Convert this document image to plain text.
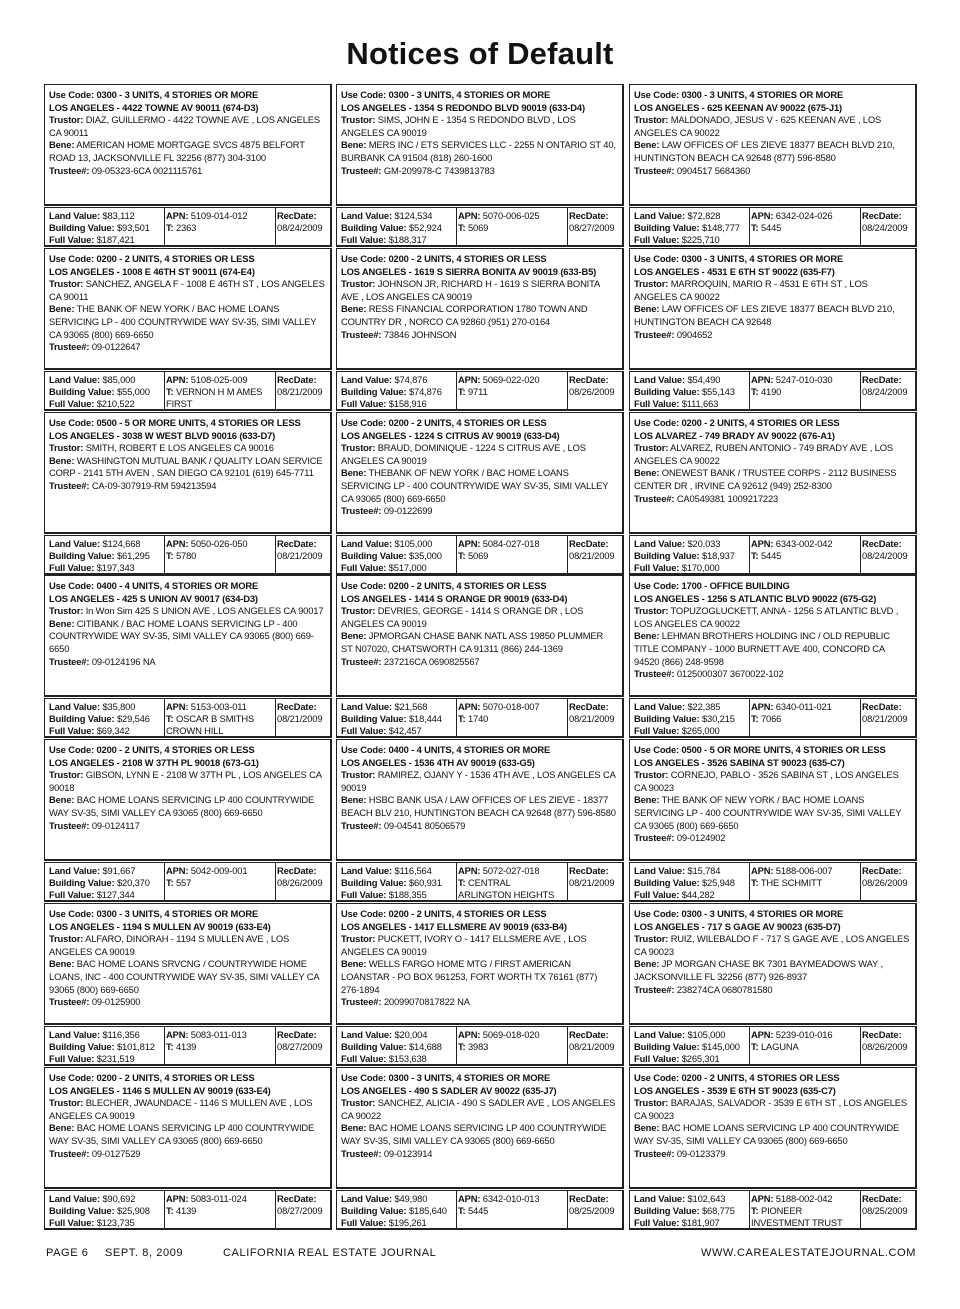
Notices of Default
Use Code: 0300 - 3 UNITS, 4 STORIES OR MORE
LOS ANGELES - 4422 TOWNE AV 90011 (674-D3)
Trustor: DIAZ, GUILLERMO - 4422 TOWNE AVE , LOS ANGELES CA 90011
Bene: AMERICAN HOME MORTGAGE SVCS 4875 BELFORT ROAD 13, JACKSONVILLE FL 32256 (877) 304-3100
Trustee#: 09-05323-6CA 0021115761
Land Value: $83,112
Building Value: $93,501
Full Value: $187,421
APN: 5109-014-012
T: 2363
RecDate:
08/24/2009
Use Code: 0200 - 2 UNITS, 4 STORIES OR LESS
LOS ANGELES - 1008 E 46TH ST 90011 (674-E4)
Trustor: SANCHEZ, ANGELA F - 1008 E 46TH ST , LOS ANGELES CA 90011
Bene: THE BANK OF NEW YORK / BAC HOME LOANS SERVICING LP - 400 COUNTRYWIDE WAY SV-35, SIMI VALLEY CA 93065 (800) 669-6650
Trustee#: 09-0122647
Land Value: $85,000
Building Value: $55,000
Full Value: $210,522
APN: 5108-025-009
T: VERNON H M AMES FIRST
RecDate:
08/21/2009
Use Code: 0500 - 5 OR MORE UNITS, 4 STORIES OR LESS
LOS ANGELES - 3038 W WEST BLVD 90016 (633-D7)
Trustor: SMITH, ROBERT E LOS ANGELES CA 90016
Bene: WASHINGTON MUTUAL BANK / QUALITY LOAN SERVICE CORP - 2141 5TH AVEN , SAN DIEGO CA 92101 (619) 645-7711
Trustee#: CA-09-307919-RM 594213594
Land Value: $124,668
Building Value: $61,295
Full Value: $197,343
APN: 5050-026-050
T: 5780
RecDate:
08/21/2009
Use Code: 0400 - 4 UNITS, 4 STORIES OR MORE
LOS ANGELES - 425 S UNION AV 90017 (634-D3)
Trustor: In Won Sim 425 S UNION AVE , LOS ANGELES CA 90017
Bene: CITIBANK / BAC HOME LOANS SERVICING LP - 400 COUNTRYWIDE WAY SV-35, SIMI VALLEY CA 93065 (800) 669-6650
Trustee#: 09-0124196 NA
Land Value: $35,800
Building Value: $29,546
Full Value: $69,342
APN: 5153-003-011
T: OSCAR B SMITHS CROWN HILL
RecDate:
08/21/2009
Use Code: 0200 - 2 UNITS, 4 STORIES OR LESS
LOS ANGELES - 2108 W 37TH PL 90018 (673-G1)
Trustor: GIBSON, LYNN E - 2108 W 37TH PL , LOS ANGELES CA 90018
Bene: BAC HOME LOANS SERVICING LP 400 COUNTRYWIDE WAY SV-35, SIMI VALLEY CA 93065 (800) 669-6650
Trustee#: 09-0124117
Land Value: $91,667
Building Value: $20,370
Full Value: $127,344
APN: 5042-009-001
T: 557
RecDate:
08/26/2009
Use Code: 0300 - 3 UNITS, 4 STORIES OR MORE
LOS ANGELES - 1194 S MULLEN AV 90019 (633-E4)
Trustor: ALFARO, DINORAH - 1194 S MULLEN AVE , LOS ANGELES CA 90019
Bene: BAC HOME LOANS SRVCNG / COUNTRYWIDE HOME LOANS, INC - 400 COUNTRYWIDE WAY SV-35, SIMI VALLEY CA 93065 (800) 669-6650
Trustee#: 09-0125900
Land Value: $116,356
Building Value: $101,812
Full Value: $231,519
APN: 5083-011-013
T: 4139
RecDate:
08/27/2009
Use Code: 0200 - 2 UNITS, 4 STORIES OR LESS
LOS ANGELES - 1146 S MULLEN AV 90019 (633-E4)
Trustor: BLECHER, JWAUNDACE - 1146 S MULLEN AVE , LOS ANGELES CA 90019
Bene: BAC HOME LOANS SERVICING LP 400 COUNTRYWIDE WAY SV-35, SIMI VALLEY CA 93065 (800) 669-6650
Trustee#: 09-0127529
Land Value: $90,692
Building Value: $25,908
Full Value: $123,735
APN: 5083-011-024
T: 4139
RecDate:
08/27/2009
Use Code: 0300 - 3 UNITS, 4 STORIES OR MORE
LOS ANGELES - 1354 S REDONDO BLVD 90019 (633-D4)
Trustor: SIMS, JOHN E - 1354 S REDONDO BLVD , LOS ANGELES CA 90019
Bene: MERS INC / ETS SERVICES LLC - 2255 N ONTARIO ST 40, BURBANK CA 91504 (818) 260-1600
Trustee#: GM-209978-C 7439813783
Land Value: $124,534
Building Value: $52,924
Full Value: $188,317
APN: 5070-006-025
T: 5069
RecDate:
08/27/2009
Use Code: 0200 - 2 UNITS, 4 STORIES OR LESS
LOS ANGELES - 1619 S SIERRA BONITA AV 90019 (633-B5)
Trustor: JOHNSON JR, RICHARD H - 1619 S SIERRA BONITA AVE , LOS ANGELES CA 90019
Bene: RESS FINANCIAL CORPORATION 1780 TOWN AND COUNTRY DR , NORCO CA 92860 (951) 270-0164
Trustee#: 73846 JOHNSON
Land Value: $74,876
Building Value: $74,876
Full Value: $158,916
APN: 5069-022-020
T: 9711
RecDate:
08/26/2009
Use Code: 0200 - 2 UNITS, 4 STORIES OR LESS
LOS ANGELES - 1224 S CITRUS AV 90019 (633-D4)
Trustor: BRAUD, DOMINIQUE - 1224 S CITRUS AVE , LOS ANGELES CA 90019
Bene: THEBANK OF NEW YORK / BAC HOME LOANS SERVICING LP - 400 COUNTRYWIDE WAY SV-35, SIMI VALLEY CA 93065 (800) 669-6650
Trustee#: 09-0122699
Land Value: $105,000
Building Value: $35,000
Full Value: $517,000
APN: 5084-027-018
T: 5069
RecDate:
08/21/2009
Use Code: 0200 - 2 UNITS, 4 STORIES OR LESS
LOS ANGELES - 1414 S ORANGE DR 90019 (633-D4)
Trustor: DEVRIES, GEORGE - 1414 S ORANGE DR , LOS ANGELES CA 90019
Bene: JPMORGAN CHASE BANK NATL ASS 19850 PLUMMER ST N07020, CHATSWORTH CA 91311 (866) 244-1369
Trustee#: 237216CA 0690825567
Land Value: $21,568
Building Value: $18,444
Full Value: $42,457
APN: 5070-018-007
T: 1740
RecDate:
08/21/2009
Use Code: 0400 - 4 UNITS, 4 STORIES OR MORE
LOS ANGELES - 1536 4TH AV 90019 (633-G5)
Trustor: RAMIREZ, OJANY Y - 1536 4TH AVE , LOS ANGELES CA 90019
Bene: HSBC BANK USA / LAW OFFICES OF LES ZIEVE - 18377 BEACH BLV 210, HUNTINGTON BEACH CA 92648 (877) 596-8580
Trustee#: 09-04541 80506579
Land Value: $116,564
Building Value: $60,931
Full Value: $188,355
APN: 5072-027-018
T: CENTRAL ARLINGTON HEIGHTS
RecDate:
08/21/2009
Use Code: 0200 - 2 UNITS, 4 STORIES OR LESS
LOS ANGELES - 1417 ELLSMERE AV 90019 (633-B4)
Trustor: PUCKETT, IVORY O - 1417 ELLSMERE AVE , LOS ANGELES CA 90019
Bene: WELLS FARGO HOME MTG / FIRST AMERICAN LOANSTAR - PO BOX 961253, FORT WORTH TX 76161 (877) 276-1894
Trustee#: 20099070817822 NA
Land Value: $20,004
Building Value: $14,688
Full Value: $153,638
APN: 5069-018-020
T: 3983
RecDate:
08/21/2009
Use Code: 0300 - 3 UNITS, 4 STORIES OR MORE
LOS ANGELES - 490 S SADLER AV 90022 (635-J7)
Trustor: SANCHEZ, ALICIA - 490 S SADLER AVE , LOS ANGELES CA 90022
Bene: BAC HOME LOANS SERVICING LP 400 COUNTRYWIDE WAY SV-35, SIMI VALLEY CA 93065 (800) 669-6650
Trustee#: 09-0123914
Land Value: $49,980
Building Value: $185,640
Full Value: $195,261
APN: 6342-010-013
T: 5445
RecDate:
08/25/2009
Use Code: 0300 - 3 UNITS, 4 STORIES OR MORE
LOS ANGELES - 625 KEENAN AV 90022 (675-J1)
Trustor: MALDONADO, JESUS V - 625 KEENAN AVE , LOS ANGELES CA 90022
Bene: LAW OFFICES OF LES ZIEVE 18377 BEACH BLVD 210, HUNTINGTON BEACH CA 92648 (877) 596-8580
Trustee#: 0904517 5684360
Land Value: $72,828
Building Value: $148,777
Full Value: $225,710
APN: 6342-024-026
T: 5445
RecDate:
08/24/2009
Use Code: 0300 - 3 UNITS, 4 STORIES OR MORE
LOS ANGELES - 4531 E 6TH ST 90022 (635-F7)
Trustor: MARROQUIN, MARIO R - 4531 E 6TH ST , LOS ANGELES CA 90022
Bene: LAW OFFICES OF LES ZIEVE 18377 BEACH BLVD 210, HUNTINGTON BEACH CA 92648
Trustee#: 0904652
Land Value: $54,490
Building Value: $55,143
Full Value: $111,663
APN: 5247-010-030
T: 4190
RecDate:
08/24/2009
Use Code: 0200 - 2 UNITS, 4 STORIES OR LESS
LOS ALVAREZ - 749 BRADY AV 90022 (676-A1)
Trustor: ALVAREZ, RUBEN ANTONIO - 749 BRADY AVE , LOS ANGELES CA 90022
Bene: ONEWEST BANK / TRUSTEE CORPS - 2112 BUSINESS CENTER DR , IRVINE CA 92612 (949) 252-8300
Trustee#: CA0549381 1009217223
Land Value: $20,033
Building Value: $18,937
Full Value: $170,000
APN: 6343-002-042
T: 5445
RecDate:
08/24/2009
Use Code: 1700 - OFFICE BUILDING
LOS ANGELES - 1256 S ATLANTIC BLVD 90022 (675-G2)
Trustor: TOPUZOGLUCKETT, ANNA - 1256 S ATLANTIC BLVD , LOS ANGELES CA 90022
Bene: LEHMAN BROTHERS HOLDING INC / OLD REPUBLIC TITLE COMPANY - 1000 BURNETT AVE 400, CONCORD CA 94520 (866) 248-9598
Trustee#: 0125000307 3670022-102
Land Value: $22,385
Building Value: $30,215
Full Value: $265,000
APN: 6340-011-021
T: 7066
RecDate:
08/21/2009
Use Code: 0500 - 5 OR MORE UNITS, 4 STORIES OR LESS
LOS ANGELES - 3526 SABINA ST 90023 (635-C7)
Trustor: CORNEJO, PABLO - 3526 SABINA ST , LOS ANGELES CA 90023
Bene: THE BANK OF NEW YORK / BAC HOME LOANS SERVICING LP - 400 COUNTRYWIDE WAY SV-35, SIMI VALLEY CA 93065 (800) 669-6650
Trustee#: 09-0124902
Land Value: $15,784
Building Value: $25,948
Full Value: $44,282
APN: 5188-006-007
T: THE SCHMITT
RecDate:
08/26/2009
Use Code: 0300 - 3 UNITS, 4 STORIES OR MORE
LOS ANGELES - 717 S GAGE AV 90023 (635-D7)
Trustor: RUIZ, WILEBALDO F - 717 S GAGE AVE , LOS ANGELES CA 90023
Bene: JP MORGAN CHASE BK 7301 BAYMEADOWS WAY , JACKSONVILLE FL 32256 (877) 926-8937
Trustee#: 238274CA 0680781580
Land Value: $105,000
Building Value: $145,000
Full Value: $265,301
APN: 5239-010-016
T: LAGUNA
RecDate:
08/26/2009
Use Code: 0200 - 2 UNITS, 4 STORIES OR LESS
LOS ANGELES - 3539 E 6TH ST 90023 (635-C7)
Trustor: BARAJAS, SALVADOR - 3539 E 6TH ST , LOS ANGELES CA 90023
Bene: BAC HOME LOANS SERVICING LP 400 COUNTRYWIDE WAY SV-35, SIMI VALLEY CA 93065 (800) 669-6650
Trustee#: 09-0123379
Land Value: $102,643
Building Value: $68,775
Full Value: $181,907
APN: 5188-002-042
T: PIONEER INVESTMENT TRUST
RecDate:
08/25/2009
PAGE 6 SEPT. 8, 2009	CALIFORNIA REAL ESTATE JOURNAL	WWW.CAREALESTATEJOURNAL.COM
